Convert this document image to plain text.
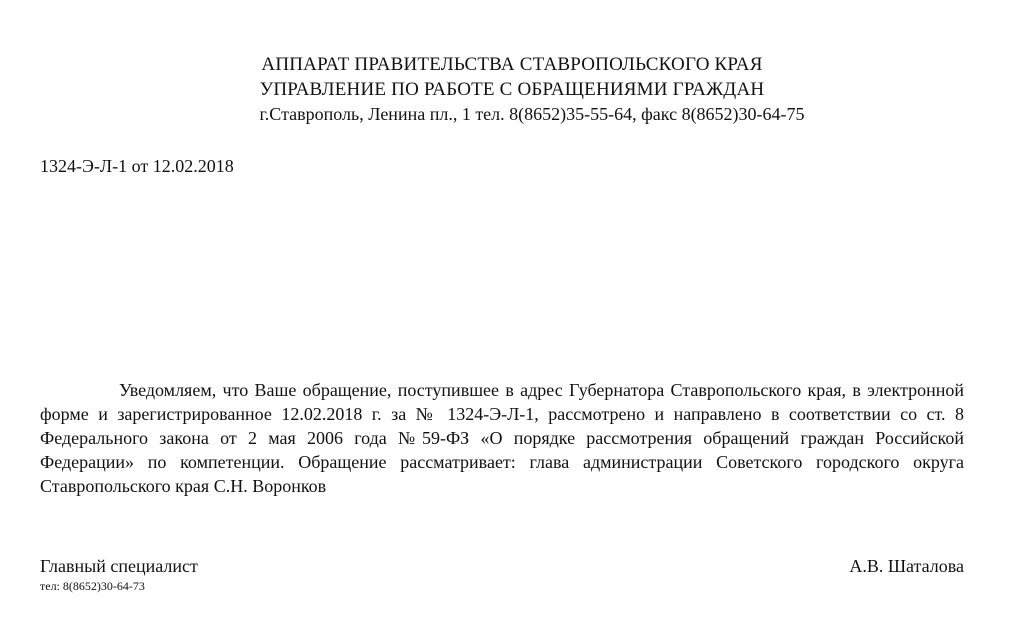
АППАРАТ ПРАВИТЕЛЬСТВА СТАВРОПОЛЬСКОГО КРАЯ
УПРАВЛЕНИЕ ПО РАБОТЕ С ОБРАЩЕНИЯМИ ГРАЖДАН
г.Ставрополь, Ленина пл., 1 тел. 8(8652)35-55-64, факс 8(8652)30-64-75
1324-Э-Л-1 от 12.02.2018
Уведомляем, что Ваше обращение, поступившее в адрес Губернатора Ставропольского края, в электронной форме и зарегистрированное 12.02.2018 г. за № 1324-Э-Л-1, рассмотрено и направлено в соответствии со ст. 8 Федерального закона от 2 мая 2006 года №59-ФЗ «О порядке рассмотрения обращений граждан Российской Федерации» по компетенции. Обращение рассматривает: глава администрации Советского городского округа Ставропольского края С.Н. Воронков
Главный специалист	А.В. Шаталова
тел: 8(8652)30-64-73
